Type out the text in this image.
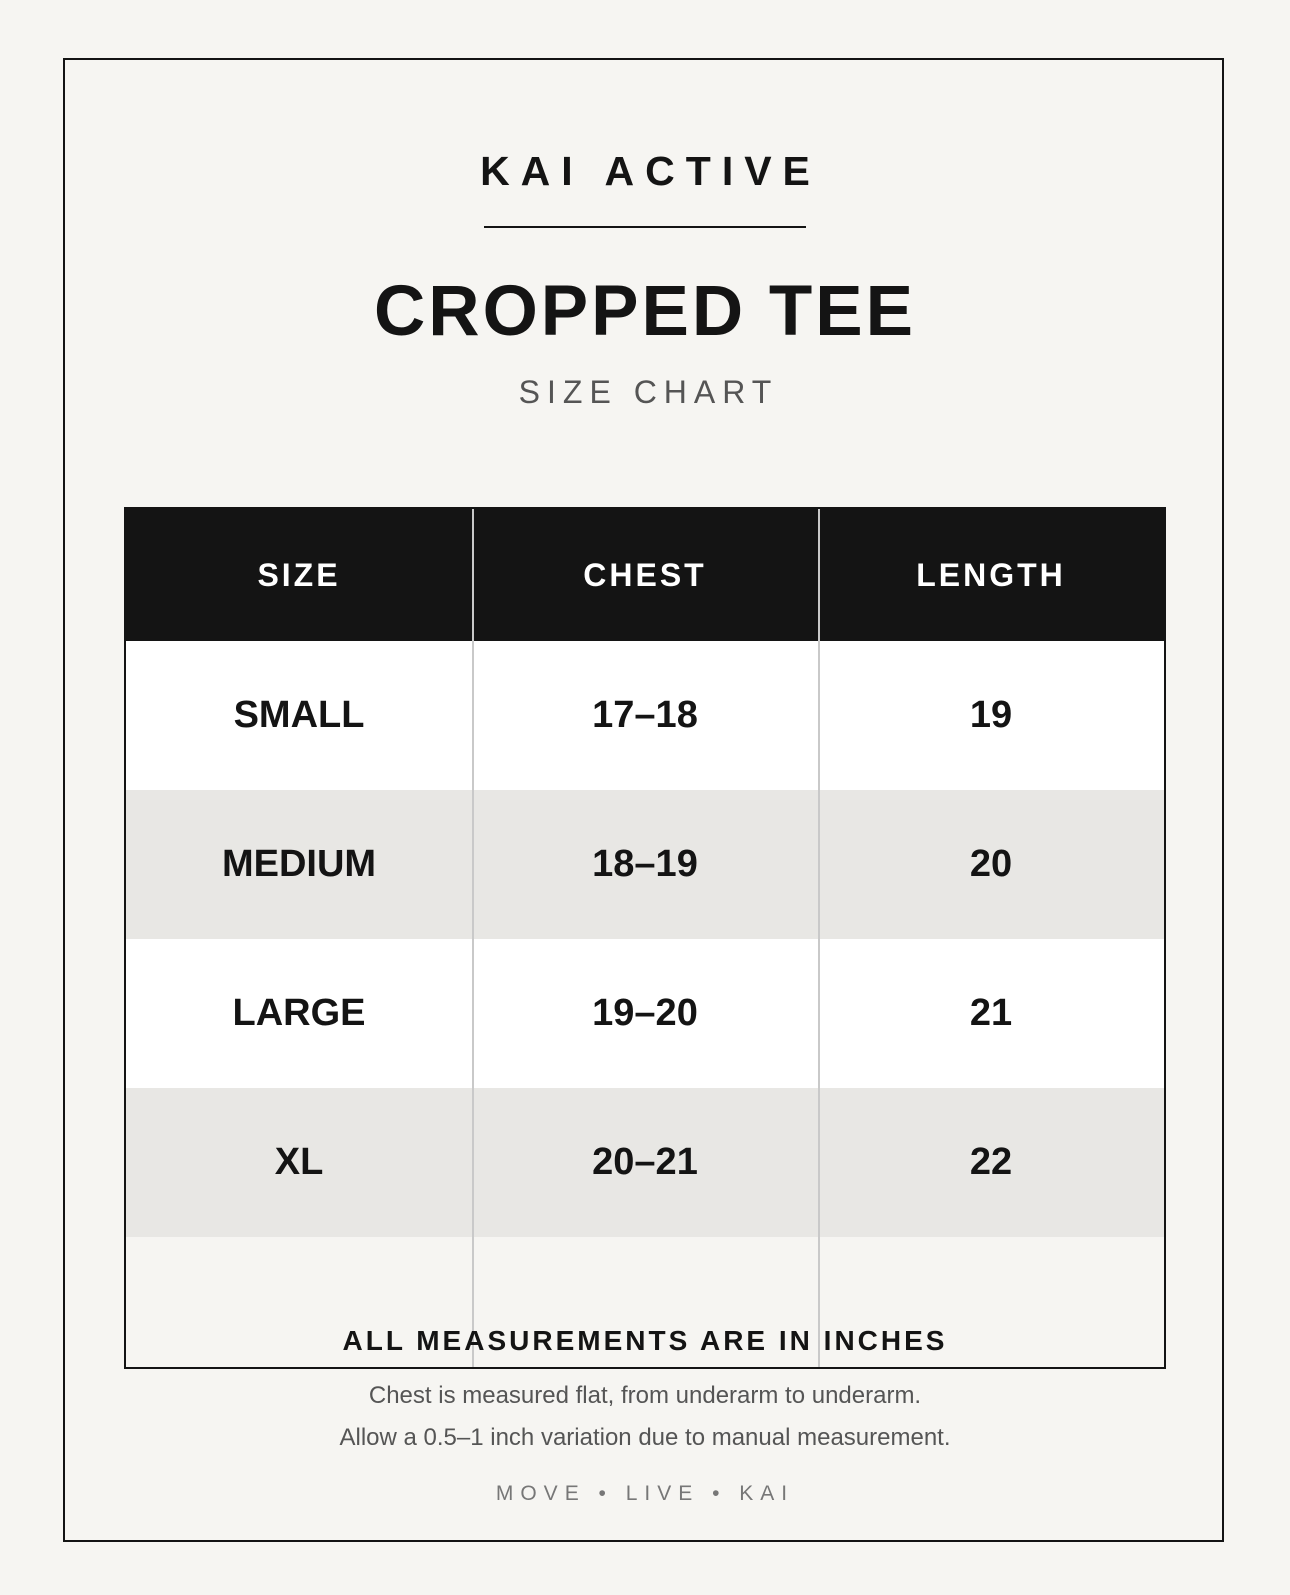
KAI ACTIVE
CROPPED TEE
SIZE CHART
SIZE	CHEST	LENGTH
SMALL	17–18	19
MEDIUM	18–19	20
LARGE	19–20	21
XL	20–21	22
ALL MEASUREMENTS ARE IN INCHES
Chest is measured flat, from underarm to underarm.
Allow a 0.5–1 inch variation due to manual measurement.
MOVE • LIVE • KAI
